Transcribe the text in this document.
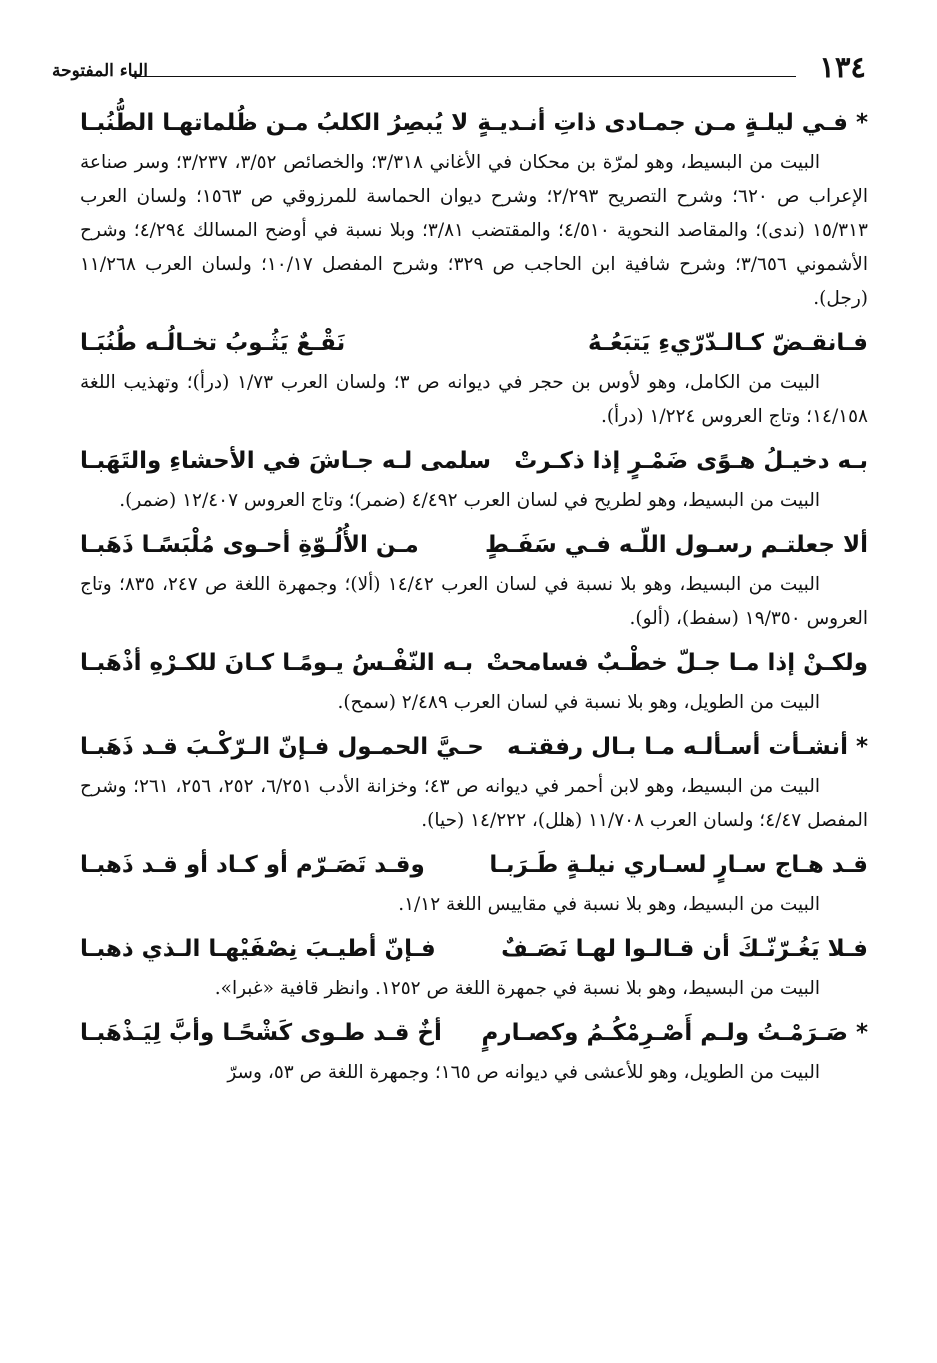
١٣٤
الباء المفتوحة
*
فـي ليلـةٍ مـن جمـادى ذاتِ أنـديـةٍ
لا يُبصِرُ الكلبُ مـن ظُلماتهـا الطُّنُبـا

البيت من البسيط، وهو لمرّة بن محكان في الأغاني ٣/٣١٨؛ والخصائص ٣/٥٢، ٣/٢٣٧؛ وسر صناعة الإعراب ص ٦٢٠؛ وشرح التصريح ٢/٢٩٣؛ وشرح ديوان الحماسة للمرزوقي ص ١٥٦٣؛ ولسان العرب ١٥/٣١٣ (ندى)؛ والمقاصد النحوية ٤/٥١٠؛ والمقتضب ٣/٨١؛ وبلا نسبة في أوضح المسالك ٤/٢٩٤؛ وشرح الأشموني ٣/٦٥٦؛ وشرح شافية ابن الحاجب ص ٣٢٩؛ وشرح المفصل ١٠/١٧؛ ولسان العرب ١١/٢٦٨ (رجل).

فـانقـضّ كـالـدّرّيءِ يَتبَعُـهُ
نَقْـعٌ يَثُـوبُ تخـالُـه طُنُبَـا

البيت من الكامل، وهو لأوس بن حجر في ديوانه ص ٣؛ ولسان العرب ١/٧٣ (درأ)؛ وتهذيب اللغة ١٤/١٥٨؛ وتاج العروس ١/٢٢٤ (درأ).

بـه دخيـلُ هـوًى ضَمْـرٍ إذا ذكـرتْ
سلمى لـه جـاشَ في الأحشاءِ والتَهَبـا

البيت من البسيط، وهو لطريح في لسان العرب ٤/٤٩٢ (ضمر)؛ وتاج العروس ١٢/٤٠٧ (ضمر).

ألا جعلتـم رسـول اللّـه فـي سَفَـطٍ
مـن الأُلُـوّةِ أحـوى مُلْبَسًـا ذَهَبـا

البيت من البسيط، وهو بلا نسبة في لسان العرب ١٤/٤٢ (ألا)؛ وجمهرة اللغة ص ٢٤٧، ٨٣٥؛ وتاج العروس ١٩/٣٥٠ (سفط)، (ألو).

ولكـنْ إذا مـا جـلّ خطْـبٌ فسامحتْ
بـه النّفْـسُ يـومًـا كـانَ للكـرْهِ أذْهَبـا

البيت من الطويل، وهو بلا نسبة في لسان العرب ٢/٤٨٩ (سمح).

*
أنشـأت أسـألـه مـا بـال رفقتـه
حـيَّ الحمـول فـإنّ الـرّكْـبَ قـد ذَهَبـا

البيت من البسيط، وهو لابن أحمر في ديوانه ص ٤٣؛ وخزانة الأدب ٦/٢٥١، ٢٥٢، ٢٥٦، ٢٦١؛ وشرح المفصل ٤/٤٧؛ ولسان العرب ١١/٧٠٨ (هلل)، ١٤/٢٢٢ (حيا).

قـد هـاج سـارٍ لسـاري نيلـةٍ طَـرَبـا
وقـد تَصَـرّم أو كـاد أو قـد ذَهبـا

البيت من البسيط، وهو بلا نسبة في مقاييس اللغة ١/١٢.

فـلا يَغُـرّنّـكَ أن قـالـوا لهـا نَصَـفٌ
فـإنّ أطيـبَ نِصْفَيْهـا الـذي ذهبـا

البيت من البسيط، وهو بلا نسبة في جمهرة اللغة ص ١٢٥٢. وانظر قافية «غبرا».

*
صَـرَمْـتُ ولـم أَصْـرِمْكُـمُ وكصـارمٍ
أخٌ قـد طـوى كَشْحًـا وأبَّ لِيَـذْهَبـا

البيت من الطويل، وهو للأعشى في ديوانه ص ١٦٥؛ وجمهرة اللغة ص ٥٣، وسرّ
